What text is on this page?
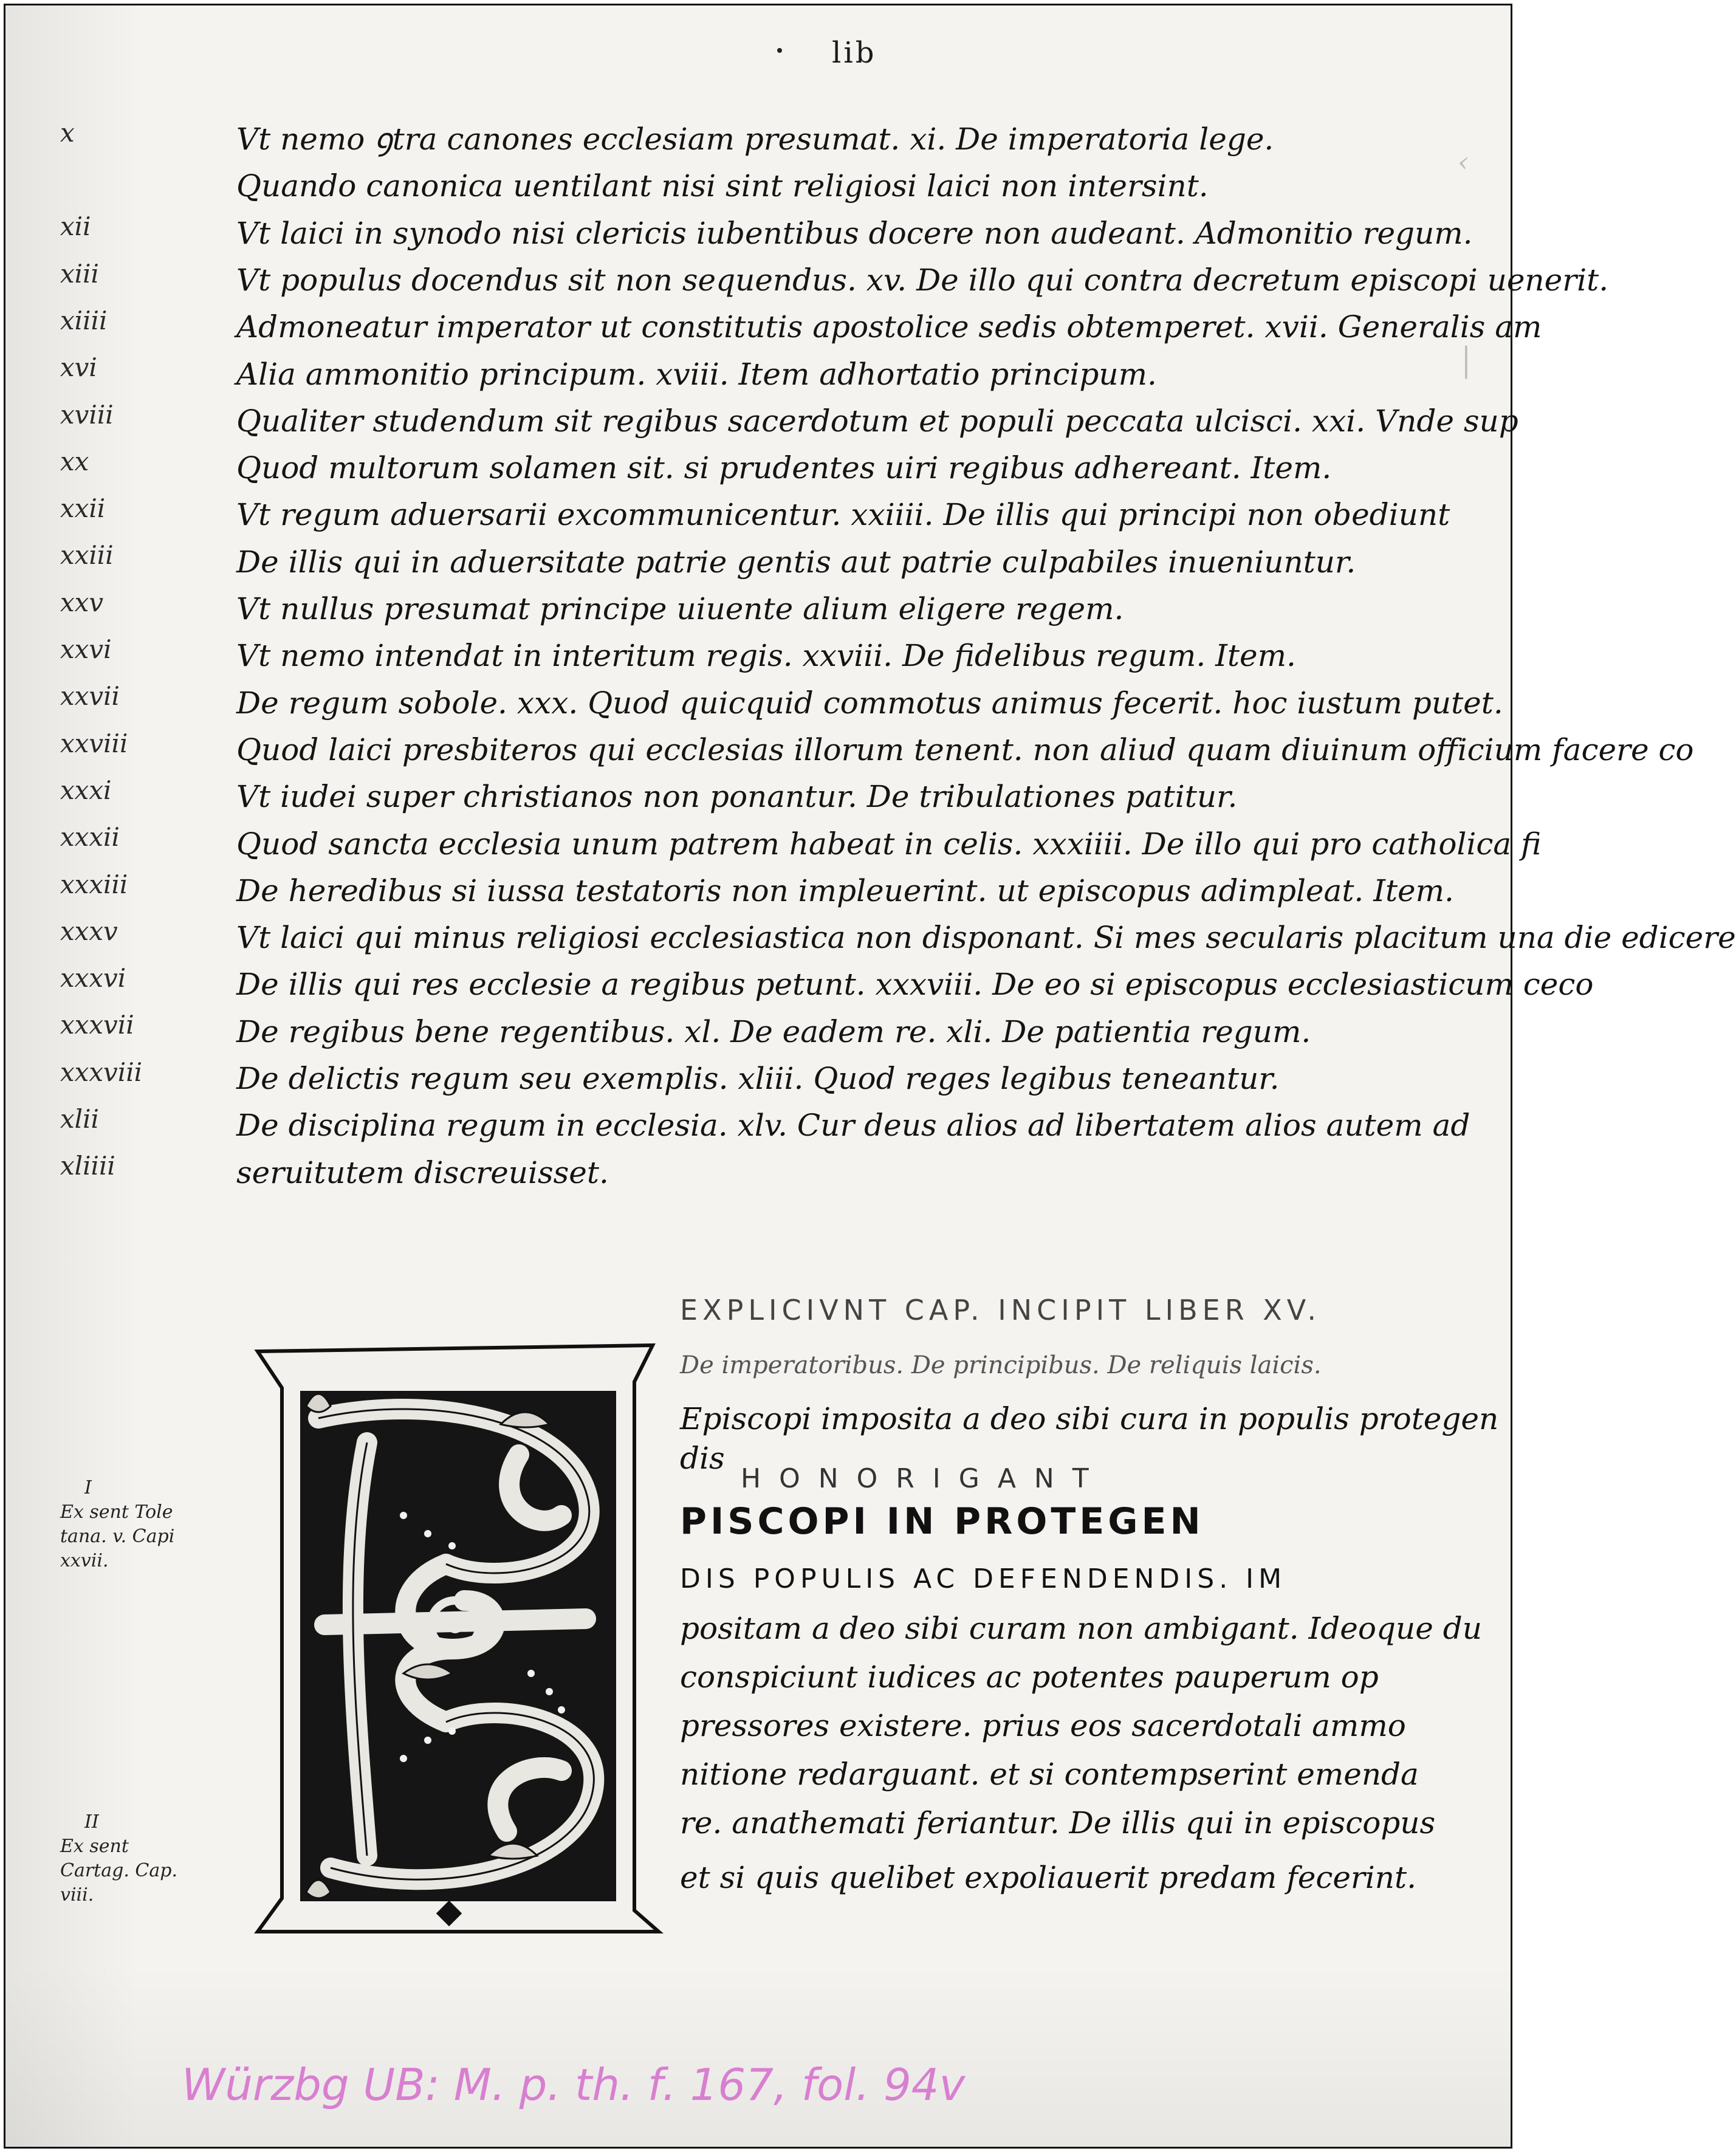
lib
‹
│
Vt nemo ꝯtra canones ecclesiam presumat. xi. De imperatoria lege.
Quando canonica uentilant nisi sint religiosi laici non intersint.
Vt laici in synodo nisi clericis iubentibus docere non audeant. Admonitio regum.
Vt populus docendus sit non sequendus. xv. De illo qui contra decretum episcopi uenerit.
Admoneatur imperator ut constitutis apostolice sedis obtemperet. xvii. Generalis am
Alia ammonitio principum. xviii. Item adhortatio principum.
Qualiter studendum sit regibus sacerdotum et populi peccata ulcisci. xxi. Vnde sup
Quod multorum solamen sit. si prudentes uiri regibus adhereant. Item.
Vt regum aduersarii excommunicentur. xxiiii. De illis qui principi non obediunt
De illis qui in aduersitate patrie gentis aut patrie culpabiles inueniuntur.
Vt nullus presumat principe uiuente alium eligere regem.
Vt nemo intendat in interitum regis. xxviii. De fidelibus regum. Item.
De regum sobole. xxx. Quod quicquid commotus animus fecerit. hoc iustum putet.
Quod laici presbiteros qui ecclesias illorum tenent. non aliud quam diuinum officium facere co
Vt iudei super christianos non ponantur. De tribulationes patitur.
Quod sancta ecclesia unum patrem habeat in celis. xxxiiii. De illo qui pro catholica fi
De heredibus si iussa testatoris non impleuerint. ut episcopus adimpleat. Item.
Vt laici qui minus religiosi ecclesiastica non disponant. Si mes secularis placitum una die edicere
De illis qui res ecclesie a regibus petunt. xxxviii. De eo si episcopus ecclesiasticum ceco
De regibus bene regentibus. xl. De eadem re. xli. De patientia regum.
De delictis regum seu exemplis. xliii. Quod reges legibus teneantur.
De disciplina regum in ecclesia. xlv. Cur deus alios ad libertatem alios autem ad
seruitutem discreuisset.
x
xii
xiii
xiiii
xvi
xviii
xx
xxii
xxiii
xxv
xxvi
xxvii
xxviii
xxxi
xxxii
xxxiii
xxxv
xxxvi
xxxvii
xxxviii
xlii
xliiii
EXPLICIVNT CAP. INCIPIT LIBER XV.
De imperatoribus. De principibus. De reliquis laicis.
Episcopi imposita a deo sibi cura in populis protegen
dis
PISCOPI IN PROTEGEN
DIS POPULIS AC DEFENDENDIS. IM
positam a deo sibi curam non ambigant. Ideoque du
conspiciunt iudices ac potentes pauperum op
pressores existere. prius eos sacerdotali ammo
nitione redarguant. et si contempserint emenda
re. anathemati feriantur. De illis qui in episcopus
et si quis quelibet expoliauerit predam fecerint.
H O N O R I G A N T
I
Ex sent Tole tana. v. Capi xxvii.
II
Ex sent Cartag. Cap. viii.
Würzbg UB: M. p. th. f. 167, fol. 94v
